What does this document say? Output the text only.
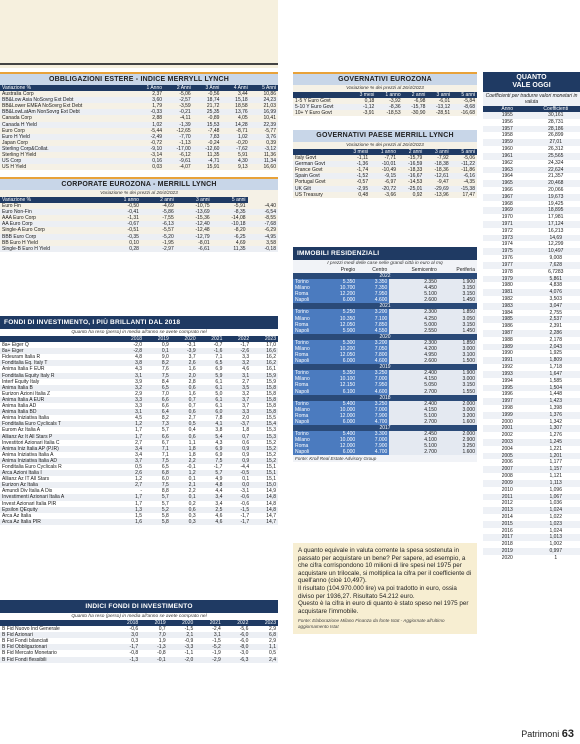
OBBLIGAZIONI ESTERE - INDICE MERRYLL LYNCH
Variazione %	1 Anno	2 Anni	3 Anni	4 Anni	5 Anni
Australia Corp	2,37	-5,06	-0,56	3,44	10,86
BB&Low Asia NoSovrg Ext Debt	3,60	-2,57	18,74	15,18	24,23
BB&Lower EMEA NoSovrg Ext Debt	1,79	-3,59	21,72	18,58	21,03
BB&LowLatAm NonSovrg Ext Debt	-0,33	-0,21	25,35	13,76	16,99
Canada Corp	2,88	-4,11	-0,89	4,05	10,41
Canada H Yield	1,02	-1,39	15,53	14,28	22,39
Euro Corp	-5,44	-12,65	-7,48	-8,71	-5,77
Euro H Yield	-2,49	-7,70	7,83	1,02	3,76
Japan Corp	-0,72	-1,13	-0,24	-0,20	0,39
Sterling Corp&Collat.	-9,10	-17,00	-12,60	-7,62	-3,12
Sterling H Yield	-3,14	-6,12	11,35	5,91	11,36
US Corp	0,16	-9,61	-4,71	4,30	11,34
US H Yield	0,03	-4,07	15,91	9,13	16,60
CORPORATE EUROZONA - MERRILL LYNCH
Variazione % dei prezzi al 26/4/2023
Variazione %	1 anno	2 anni	3 anni	5 anni	
Euro Fin	-0,50	-4,69	-10,75	-5,91	-4,40
Euro Non-Fin	-0,41	-5,86	-13,69	-8,35	-6,54
AAA Euro Corp	-1,31	-7,55	-15,36	-14,08	-8,55
AA Euro Corp	-0,67	-6,13	-12,40	-10,18	-7,68
Single-A Euro Corp	-0,51	-5,57	-12,48	-8,20	-6,29
BBB Euro Corp	-0,35	-5,20	-12,79	-6,25	-4,95
BB Euro H Yield	0,10	-1,95	-8,01	4,69	3,58
Single-B Euro H Yield	0,28	-2,97	-6,61	11,35	-0,18
FONDI DI INVESTIMENTO, I PIÙ BRILLANTI DAL 2018
Quanto ha reso (perso) in media all'anno se avete comprato nel
	2018	2019	2020	2021	2022	2023
8a+ Eiger Q	-2,0	0,9	-3,1	-0,7	-1,7	17,0
8a+ Eiger	-2,8	0,1	-3,9	-1,6	-2,6	16,6
Fideuram Italia R	4,8	9,0	3,7	7,1	3,3	16,2
Fonditalia Eq. Italy T	3,8	8,2	2,6	6,5	3,2	16,2
Anima Italia F EUR	4,3	7,6	1,6	6,9	4,6	16,1
Fonditalia Equity Italy R	3,1	7,5	2,0	5,9	3,1	15,9
Interf Equity Italy	3,9	8,4	2,8	6,1	2,7	15,9
Anima Italia B	3,2	6,5	0,6	6,1	3,5	15,8
Eurizon Azioni Italia Z	2,9	7,0	1,6	5,0	3,2	15,8
Anima Italia A EUR	3,3	6,6	0,7	6,1	3,7	15,8
Anima Italia AD	3,3	6,6	0,7	6,1	3,7	15,8
Anima Italia BD	3,1	6,4	0,6	6,0	3,3	15,8
Anima Iniziativa Italia	4,5	8,2	2,7	7,8	2,0	15,5
Fonditalia Euro Cyclicals T	1,2	7,3	0,5	4,1	-3,7	15,4
Eurom Az Italia A	1,7	5,7	0,4	3,8	1,8	15,3
Allianz Az It All Stars P	1,7	6,6	0,6	5,4	0,7	15,3
Investitori Azionari Italia C	2,7	6,7	1,1	4,3	0,6	15,2
Anima Iniz Italia AP (P.IR)	3,4	7,1	1,8	6,9	0,9	15,2
Anima Iniziativa Italia A	3,4	7,1	1,8	6,9	0,9	15,2
Anima Iniziativa Italia AD	3,7	7,5	2,2	7,5	0,9	15,2
Fonditalia Euro Cyclicals R	0,5	6,5	-0,1	-1,7	-4,4	15,1
Arca Azioni Italia I	2,6	6,8	1,2	5,7	-0,5	15,1
Allianz Az IT All Stars	1,2	6,0	0,1	4,9	0,1	15,1
Eurizon Az Italia	2,7	7,5	2,1	4,8	0,0	15,0
Amundi Div Italia A Dis	-	8,8	2,2	4,4	-3,1	14,9
Investimenti Azionari Italia A	1,7	5,7	0,1	3,4	-0,6	14,8
Invest Azionari Italia PIR	1,7	5,7	0,2	3,4	-0,6	14,8
Epsilon QEquity	1,3	5,2	0,6	2,5	-1,5	14,8
Arca Az Italia	1,5	5,8	0,3	4,6	-1,7	14,7
Arca Az Italia PIR	1,6	5,8	0,3	4,6	-1,7	14,7
INDICI FONDI DI INVESTIMENTO
Quanto ha reso (perso) in media all'anno se avete comprato nel
	2018	2019	2020	2021	2022	2023
B Fid Nuovo Ind Generale	-0,6	0,7	-1,5	-2,4	-5,6	2,9
B Fid Azionari	3,0	7,0	2,1	3,1	-6,0	6,8
B Fid Fondi bilanciati	0,3	1,9	-0,9	-1,5	-6,0	2,9
B Fid Obbligazionari	-1,7	-1,3	-3,3	-5,2	-8,0	1,1
B Fid Mercato Monetario	-0,8	-0,8	-1,1	-1,9	-3,0	0,5
B Fid Fondi flessibili	-1,3	-0,1	-2,0	-2,9	-6,3	2,4
GOVERNATIVI EUROZONA
Variazione % dei prezzi al 26/4/2023
	3 mesi	1 anno	2 anni	3 anni	5 anni
1-5 Y Euro Govt	0,18	-3,92	-6,98	-6,01	-5,84
5-10 Y Euro Govt	-1,12	-8,36	-15,78	-13,12	-8,68
10+ Y Euro Govt	-3,91	-18,53	-30,90	-28,51	-16,68
GOVERNATIVI PAESE MERRILL LYNCH
Variazione % dei prezzi al 26/4/2023
	3 mesi	1 anno	2 anni	3 anni	5 anni
Italy Govt	-1,11	-7,71	-15,79	-7,92	-5,06
German Govt	-1,36	-10,01	-16,59	-18,38	-11,22
France Govt	-1,74	-10,49	-18,33	-18,36	-11,86
Spain Govt	-1,52	-9,15	-16,67	-12,61	-6,16
Portugal Govt	-0,57	-6,97	-14,53	-9,47	-4,35
UK Gilt	-2,95	-20,72	-25,01	-29,69	-15,38
US Treasury	0,48	-3,66	0,92	-13,96	17,47
IMMOBILI RESIDENZIALI
I prezzi medi delle case nelle grandi città in euro al mq
	Pregio	Centro	Semicentro	Periferia
2022				
Torino	5.350	3.350	2.350	1.900
Milano	10.700	7.350	4.450	3.150
Roma	12.200	7.950	5.100	3.150
Napoli	6.000	4.600	2.600	1.450
2021				
Torino	5.250	3.200	2.300	1.850
Milano	10.350	7.100	4.250	3.050
Roma	12.050	7.850	5.000	3.150
Napoli	5.900	4.550	2.550	1.450
2020				
Torino	5.300	3.200	2.300	1.850
Milano	10.200	7.050	4.200	3.000
Roma	12.050	7.800	4.950	3.100
Napoli	6.000	4.600	2.600	1.500
2019				
Torino	5.350	3.250	2.400	1.900
Milano	10.100	7.000	4.150	3.000
Roma	12.150	7.950	5.050	3.150
Napoli	6.100	4.600	2.700	1.550
2018				
Torino	5.400	3.250	2.400	2.000
Milano	10.000	7.000	4.150	3.000
Roma	12.000	7.900	5.100	3.200
Napoli	6.000	4.700	2.700	1.600
2017				
Torino	5.400	3.300	2.450	2.000
Milano	10.000	7.000	4.100	2.900
Roma	12.000	7.900	5.100	3.250
Napoli	6.000	4.700	2.700	1.600
Fonte: Kroll Real Estate Advisory Group

A quanto equivale in valuta corrente la spesa sostenuta in passato per acquistare un bene? Per sapere, ad esempio, a che cifra corrispondono 10 milioni di lire spesi nel 1975 per acquistare un trilocale, si moltiplica la cifra per il coefficiente di quell'anno (cioè 10,497).

Il risultato (104.970.000 lire) va poi tradotto in euro, ossia diviso per 1936,27. Risultato 54.212 euro.

Questo è la cifra in euro di quanto è stato speso nel 1975 per acquistare l'immobile.

Fonte: Elaborazione Milano Finanza da fonte Istat - Aggiornate all'ultimo aggiornamento Istat

QUANTO
VALE OGGI
Coefficienti per tradurre valori monetari in valuta
Anno	Coefficienti
1955	30,161
1956	28,731
1957	28,186
1958	26,899
1959	27,01
1960	26,312
1961	25,565
1962	24,324
1963	22,624
1964	21,357
1965	20,468
1966	20,066
1967	19,673
1968	19,425
1969	18,895
1970	17,981
1971	17,124
1972	16,213
1973	14,69
1974	12,299
1975	10,497
1976	9,008
1977	7,628
1978	6,7283
1979	5,861
1980	4,838
1981	4,076
1982	3,503
1983	3,047
1984	2,755
1985	2,537
1986	2,391
1987	2,286
1988	2,178
1989	2,043
1990	1,925
1991	1,809
1992	1,718
1993	1,647
1994	1,585
1995	1,504
1996	1,448
1997	1,423
1998	1,398
1999	1,376
2000	1,342
2001	1,307
2002	1,276
2003	1,245
2004	1,221
2005	1,201
2006	1,177
2007	1,157
2008	1,121
2009	1,113
2010	1,096
2011	1,067
2012	1,036
2013	1,024
2014	1,022
2015	1,023
2016	1,024
2017	1,013
2018	1,002
2019	0,997
2020	1
Patrimoni 63
